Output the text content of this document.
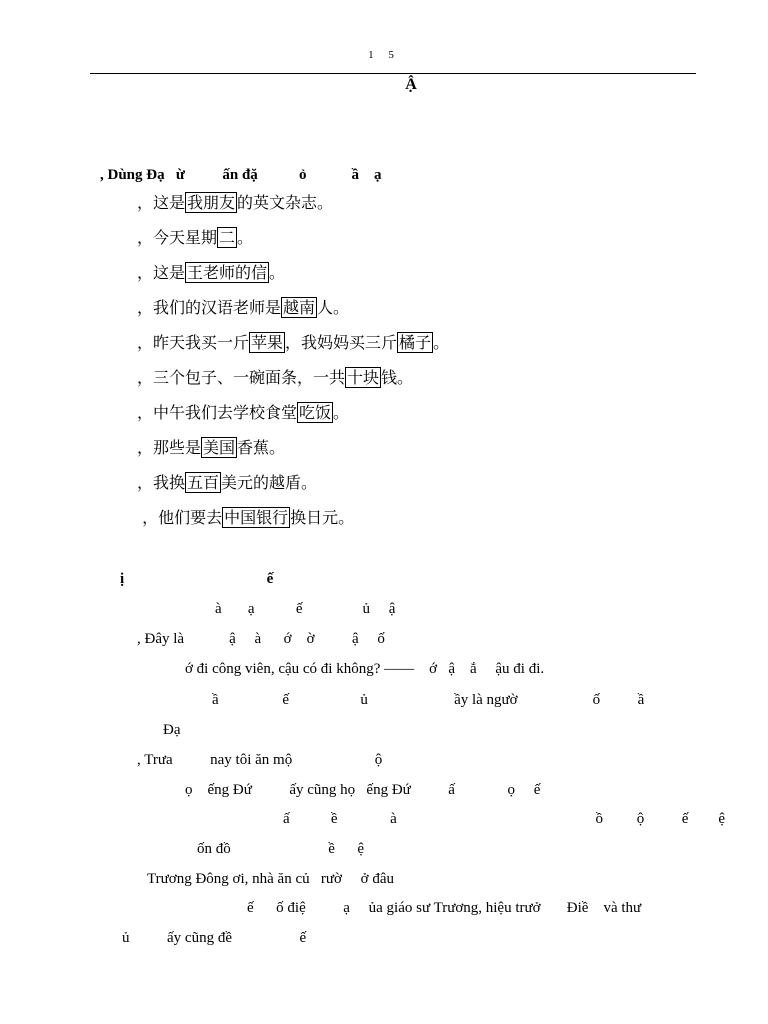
1 5
Ậ
, Dùng Đạ   ừ          ấn đặ           ỏ            ầ    ạ
，这是 我朋友 的英文杂志。
，今天星期 二 。
，这是 王老师的信 。
，我们的汉语老师是 越南 人。
，昨天我买一斤 苹果 ，我妈妈买三斤 橘子 。
，三个包子、一碗面条，一共 十块 钱。
，中午我们去学校食堂 吃饭 。
，那些是 美国 香蕉。
，我换 五百 美元的越盾。
，他们要去 中国银行 换日元。
ị                                      ế
à       ạ           ế                ủ     ậ
, Đây là            ậ     à      ớ    ờ          ậ     ố
ớ đi công viên, cậu có đi không? ——    ớ   ậ    ắ     ậu đi đi.
ầ                 ế                   ủ                       ầy là ngườ                    ố          ầ
Đạ
, Trưa          nay tôi ăn mộ                      ộ
ọ    ếng Đứ          ấy cũng họ   ếng Đứ          ấ              ọ     ế
ấ           ề              à                                                     ồ         ộ          ế        ệ
ốn đồ                          ề      ệ
Trương Đông ơi, nhà ăn củ   rườ     ở đâu
ế      ố điệ          ạ     ủa giáo sư Trương, hiệu trưở       Điề    và thư
ủ          ấy cũng đề                  ế
